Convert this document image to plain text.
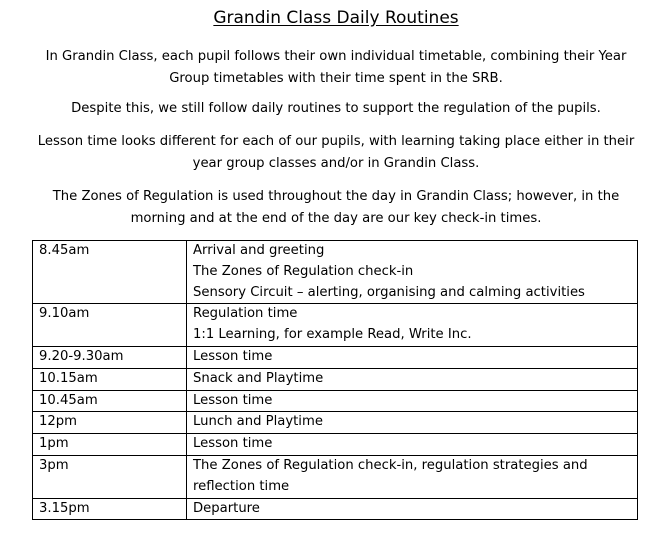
Grandin Class Daily Routines

In Grandin Class, each pupil follows their own individual timetable, combining their Year Group timetables with their time spent in the SRB.

Despite this, we still follow daily routines to support the regulation of the pupils.

Lesson time looks different for each of our pupils, with learning taking place either in their year group classes and/or in Grandin Class.

The Zones of Regulation is used throughout the day in Grandin Class; however, in the morning and at the end of the day are our key check-in times.

8.45am	Arrival and greeting
The Zones of Regulation check-in
Sensory Circuit – alerting, organising and calming activities

9.10am	Regulation time
1:1 Learning, for example Read, Write Inc.

9.20-9.30am	Lesson time

10.15am	Snack and Playtime

10.45am	Lesson time

12pm	Lunch and Playtime

1pm	Lesson time

3pm	The Zones of Regulation check-in, regulation strategies and
reflection time

3.15pm	Departure
